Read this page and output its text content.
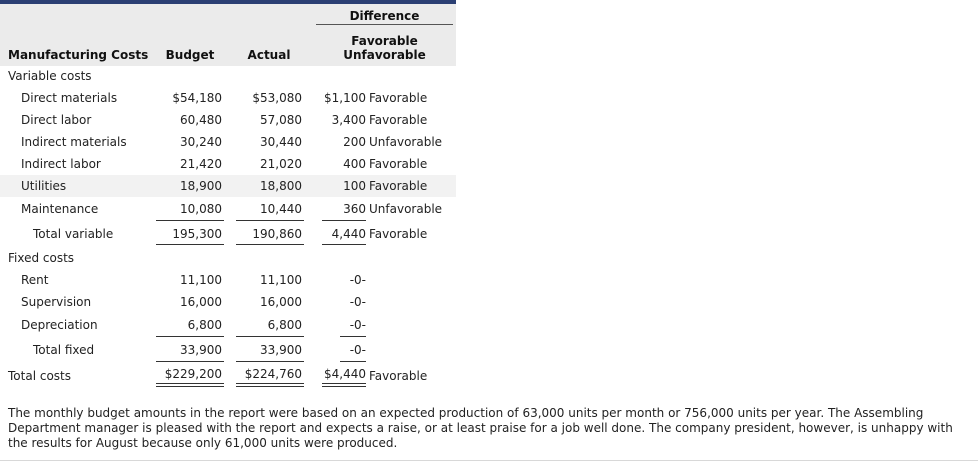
Difference
Favorable
Unfavorable
Manufacturing Costs	Budget	Actual
Variable costs
Direct materials	$54,180	$53,080	$1,100 Favorable
Direct labor	60,480	57,080	3,400 Favorable
Indirect materials	30,240	30,440	200 Unfavorable
Indirect labor	21,420	21,020	400 Favorable
Utilities	18,900	18,800	100 Favorable
Maintenance	10,080	10,440	360 Unfavorable
Total variable	195,300	190,860	4,440 Favorable
Fixed costs
Rent	11,100	11,100	-0-
Supervision	16,000	16,000	-0-
Depreciation	6,800	6,800	-0-
Total fixed	33,900	33,900	-0-
Total costs	$229,200	$224,760	$4,440 Favorable
The monthly budget amounts in the report were based on an expected production of 63,000 units per month or 756,000 units per year. The Assembling Department manager is pleased with the report and expects a raise, or at least praise for a job well done. The company president, however, is unhappy with the results for August because only 61,000 units were produced.
